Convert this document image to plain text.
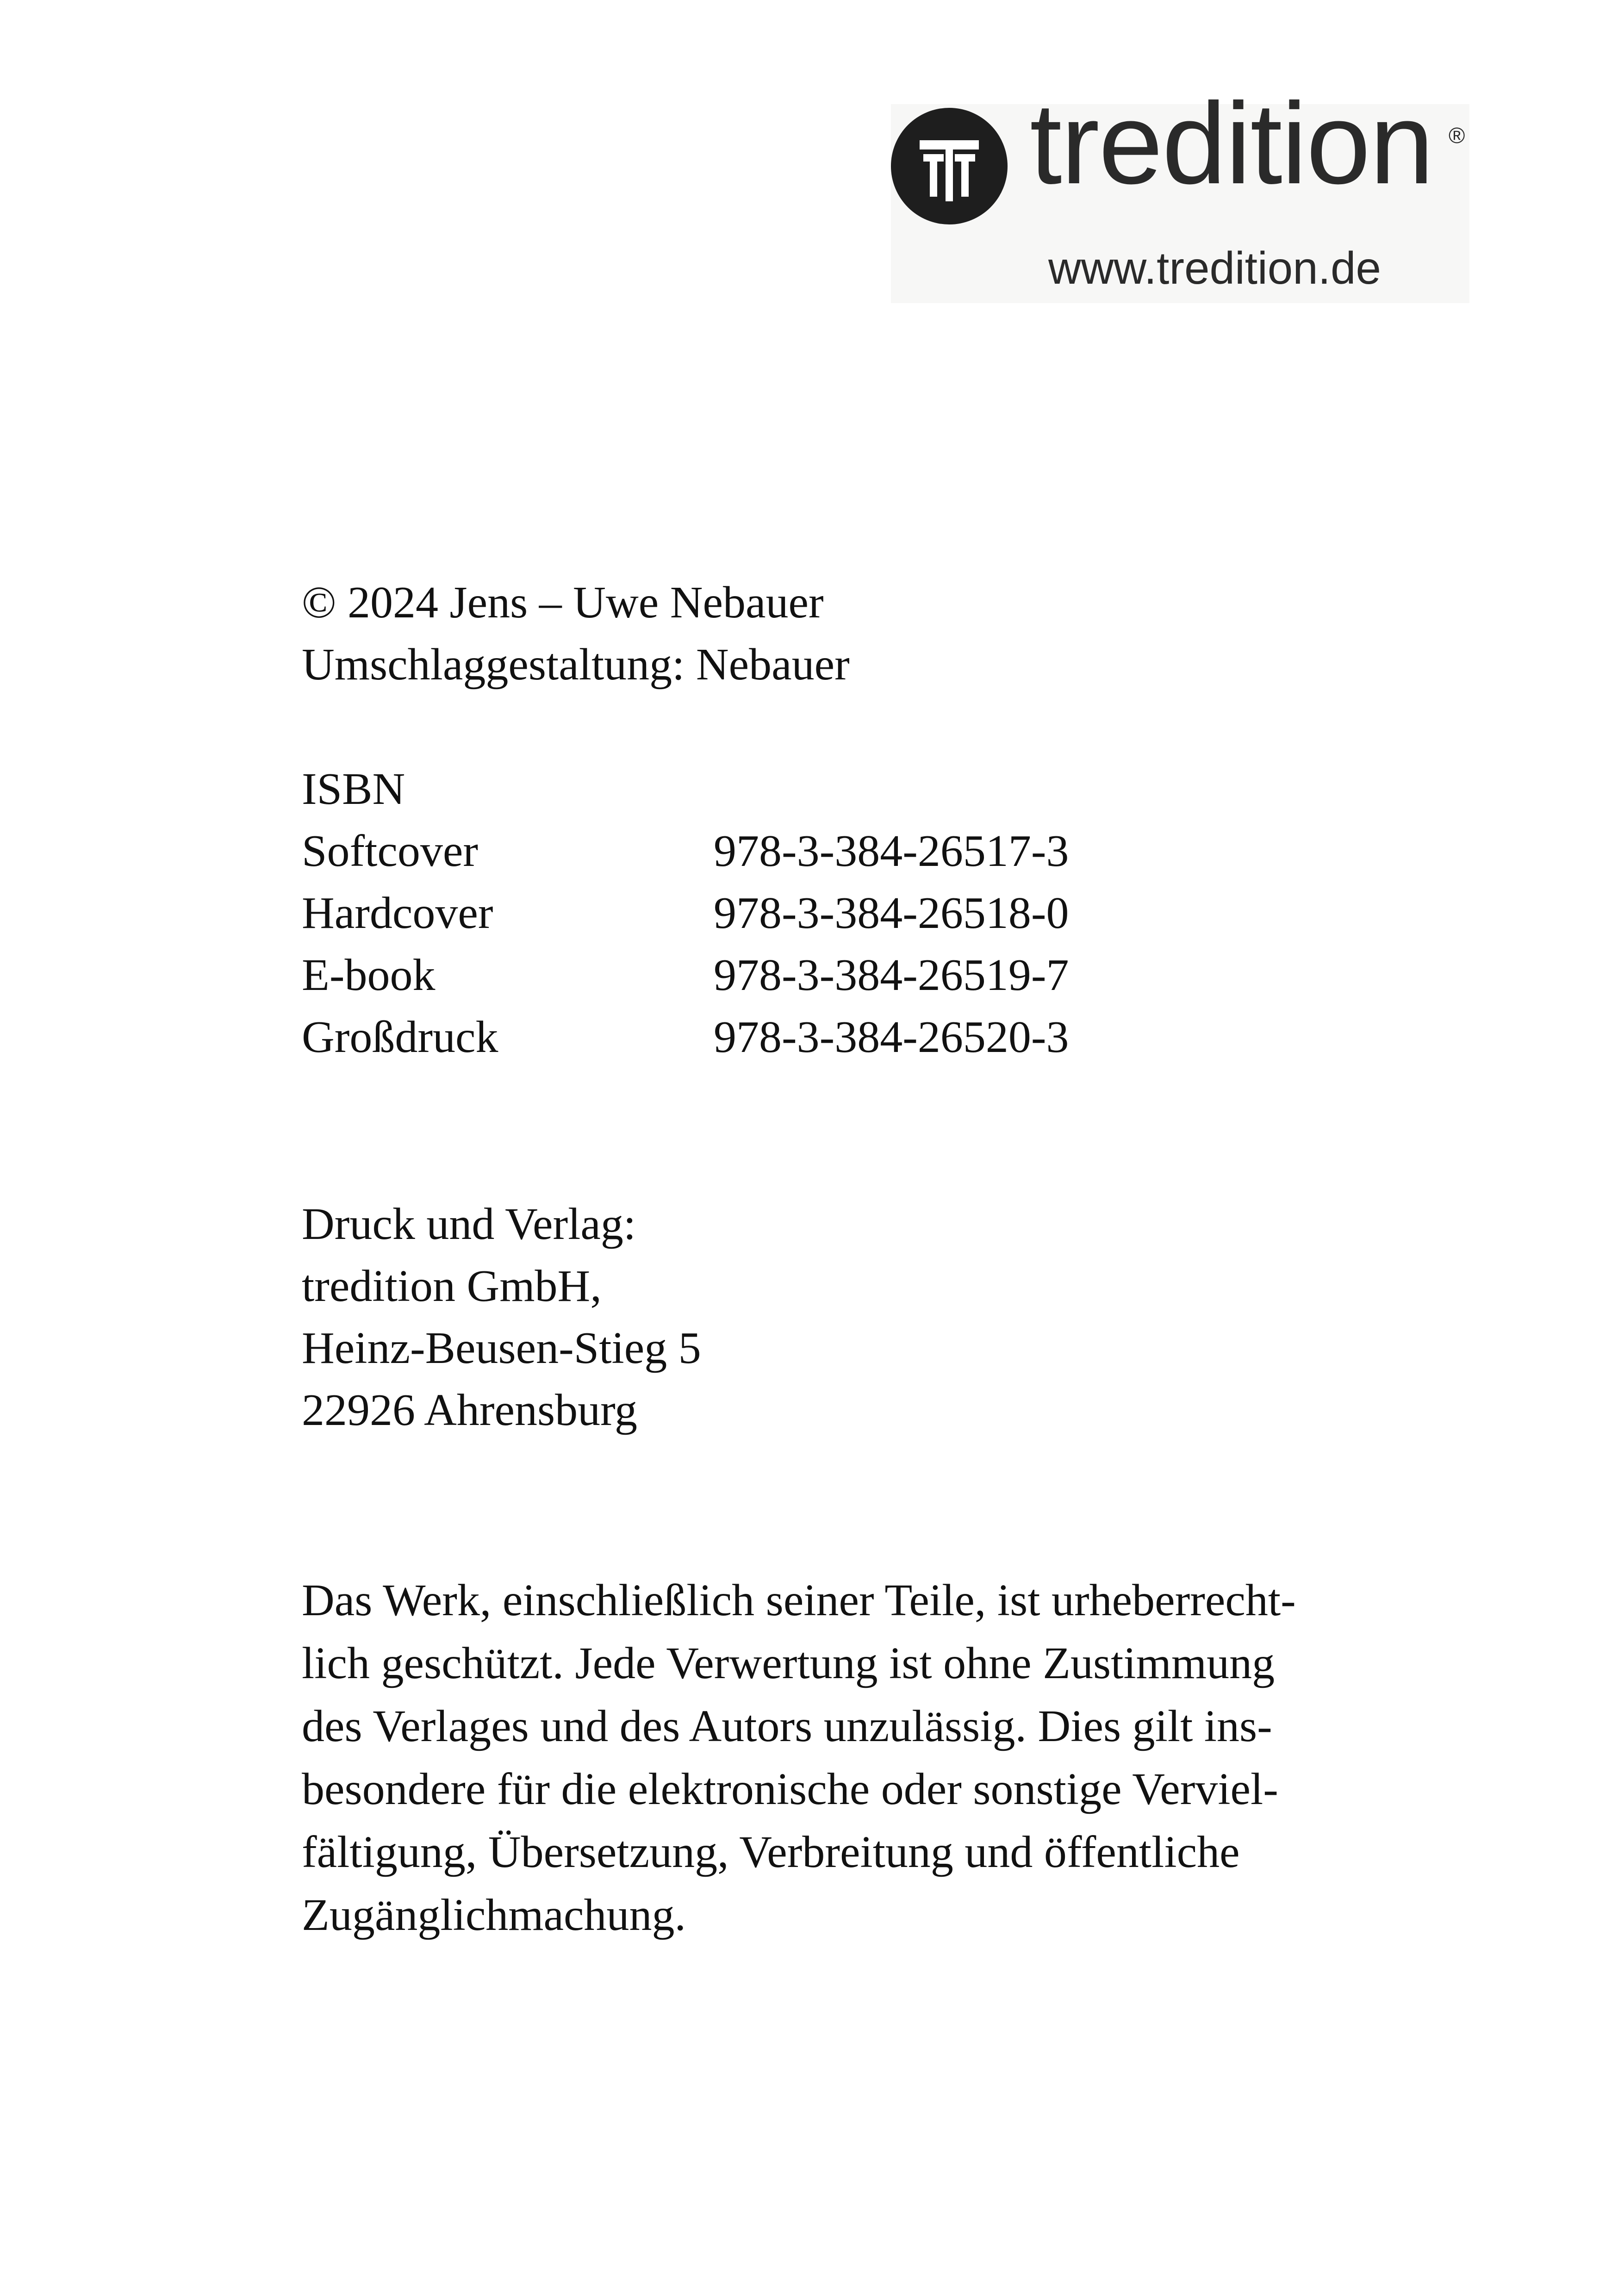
tredition ®
www.tredition.de
© 2024 Jens – Uwe Nebauer
Umschlaggestaltung: Nebauer
ISBN
Softcover	978-3-384-26517-3
Hardcover	978-3-384-26518-0
E-book	978-3-384-26519-7
Großdruck	978-3-384-26520-3
Druck und Verlag:
tredition GmbH,
Heinz-Beusen-Stieg 5
22926 Ahrensburg
Das Werk, einschließlich seiner Teile, ist urheberrecht-
lich geschützt. Jede Verwertung ist ohne Zustimmung
des Verlages und des Autors unzulässig. Dies gilt ins-
besondere für die elektronische oder sonstige Verviel-
fältigung, Übersetzung, Verbreitung und öffentliche
Zugänglichmachung.
